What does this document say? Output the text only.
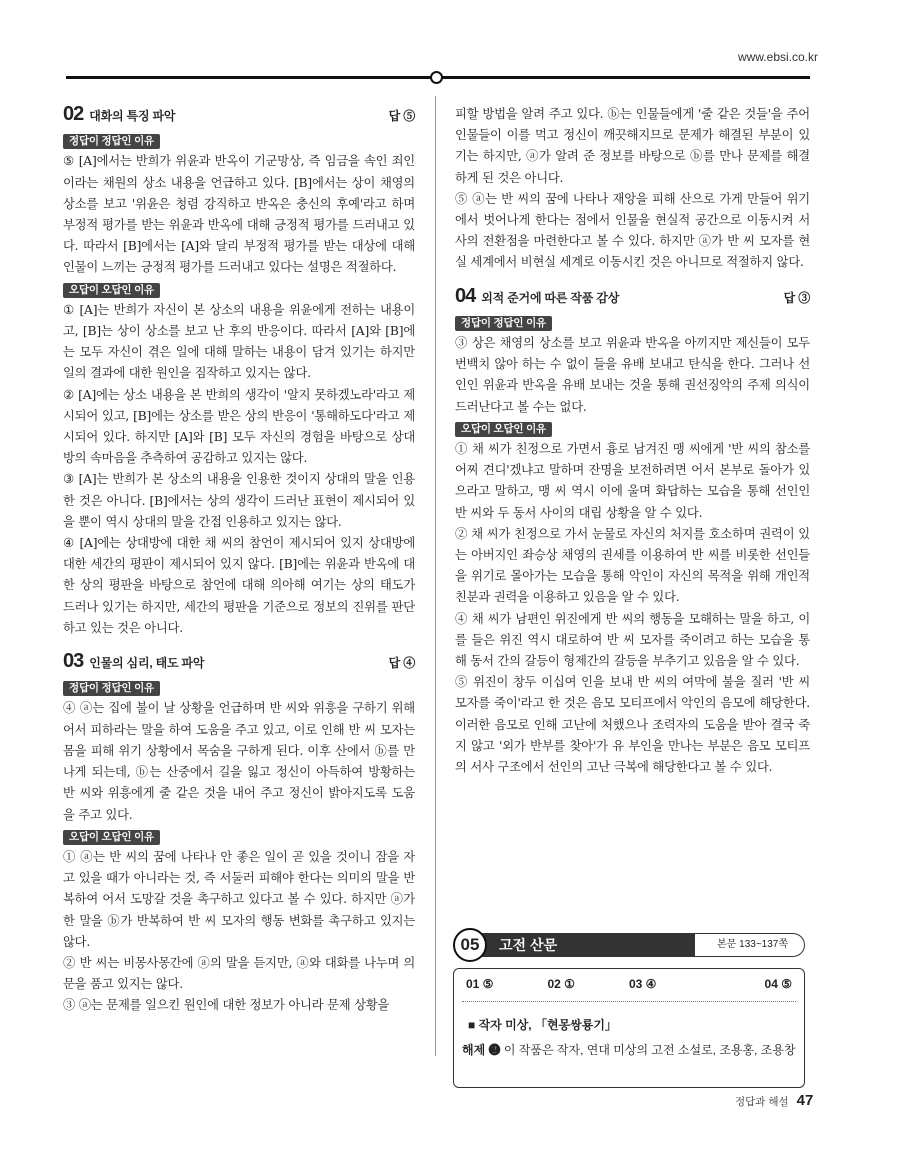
www.ebsi.co.kr
02 대화의 특징 파악	답 ⑤
정답이 정답인 이유

⑤ [A]에서는 반희가 위윤과 반옥이 기군망상, 즉 임금을 속인 죄인이라는 채원의 상소 내용을 언급하고 있다. [B]에서는 상이 채영의 상소를 보고 '위윤은 청렴 강직하고 반옥은 충신의 후예'라고 하며 부정적 평가를 받는 위윤과 반옥에 대해 긍정적 평가를 드러내고 있다. 따라서 [B]에서는 [A]와 달리 부정적 평가를 받는 대상에 대해 인물이 느끼는 긍정적 평가를 드러내고 있다는 설명은 적절하다.

오답이 오답인 이유

① [A]는 반희가 자신이 본 상소의 내용을 위윤에게 전하는 내용이고, [B]는 상이 상소를 보고 난 후의 반응이다. 따라서 [A]와 [B]에는 모두 자신이 겪은 일에 대해 말하는 내용이 담겨 있기는 하지만 일의 결과에 대한 원인을 짐작하고 있지는 않다.

② [A]에는 상소 내용을 본 반희의 생각이 '알지 못하겠노라'라고 제시되어 있고, [B]에는 상소를 받은 상의 반응이 '통해하도다'라고 제시되어 있다. 하지만 [A]와 [B] 모두 자신의 경험을 바탕으로 상대방의 속마음을 추측하여 공감하고 있지는 않다.

③ [A]는 반희가 본 상소의 내용을 인용한 것이지 상대의 말을 인용한 것은 아니다. [B]에서는 상의 생각이 드러난 표현이 제시되어 있을 뿐이 역시 상대의 말을 간접 인용하고 있지는 않다.

④ [A]에는 상대방에 대한 채 씨의 참언이 제시되어 있지 상대방에 대한 세간의 평판이 제시되어 있지 않다. [B]에는 위윤과 반옥에 대한 상의 평판을 바탕으로 참언에 대해 의아해 여기는 상의 태도가 드러나 있기는 하지만, 세간의 평판을 기준으로 정보의 진위를 판단하고 있는 것은 아니다.

03 인물의 심리, 태도 파악	답 ④
정답이 정답인 이유

④ ⓐ는 집에 불이 날 상황을 언급하며 반 씨와 위흥을 구하기 위해 어서 피하라는 말을 하여 도움을 주고 있고, 이로 인해 반 씨 모자는 몸을 피해 위기 상황에서 목숨을 구하게 된다. 이후 산에서 ⓑ를 만나게 되는데, ⓑ는 산중에서 길을 잃고 정신이 아득하여 방황하는 반 씨와 위흥에게 줄 같은 것을 내어 주고 정신이 밝아지도록 도움을 주고 있다.

오답이 오답인 이유

① ⓐ는 반 씨의 꿈에 나타나 안 좋은 일이 곧 있을 것이니 잠을 자고 있을 때가 아니라는 것, 즉 서둘러 피해야 한다는 의미의 말을 반복하여 어서 도망갈 것을 촉구하고 있다고 볼 수 있다. 하지만 ⓐ가 한 말을 ⓑ가 반복하여 반 씨 모자의 행동 변화를 촉구하고 있지는 않다.

② 반 씨는 비몽사몽간에 ⓐ의 말을 듣지만, ⓐ와 대화를 나누며 의문을 품고 있지는 않다.

③ ⓐ는 문제를 일으킨 원인에 대한 정보가 아니라 문제 상황을

피할 방법을 알려 주고 있다. ⓑ는 인물들에게 '줄 같은 것들'을 주어 인물들이 이를 먹고 정신이 깨끗해지므로 문제가 해결된 부분이 있기는 하지만, ⓐ가 알려 준 정보를 바탕으로 ⓑ를 만나 문제를 해결하게 된 것은 아니다.

⑤ ⓐ는 반 씨의 꿈에 나타나 재앙을 피해 산으로 가게 만들어 위기에서 벗어나게 한다는 점에서 인물을 현실적 공간으로 이동시켜 서사의 전환점을 마련한다고 볼 수 있다. 하지만 ⓐ가 반 씨 모자를 현실 세계에서 비현실 세계로 이동시킨 것은 아니므로 적절하지 않다.

04 외적 준거에 따른 작품 감상	답 ③
정답이 정답인 이유

③ 상은 채영의 상소를 보고 위윤과 반옥을 아끼지만 제신들이 모두 번백치 않아 하는 수 없이 들을 유배 보내고 탄식을 한다. 그러나 선인인 위윤과 반옥을 유배 보내는 것을 통해 권선징악의 주제 의식이 드러난다고 볼 수는 없다.

오답이 오답인 이유

① 채 씨가 친정으로 가면서 흉로 남겨진 맹 씨에게 '반 씨의 참소를 어찌 견디'겠냐고 말하며 잔명을 보전하려면 어서 본부로 돌아가 있으라고 말하고, 맹 씨 역시 이에 울며 화답하는 모습을 통해 선인인 반 씨와 두 동서 사이의 대립 상황을 알 수 있다.

② 채 씨가 친정으로 가서 눈물로 자신의 처지를 호소하며 권력이 있는 아버지인 좌승상 채영의 권세를 이용하여 반 씨를 비롯한 선인들을 위기로 몰아가는 모습을 통해 악인이 자신의 목적을 위해 개인적 친분과 권력을 이용하고 있음을 알 수 있다.

④ 채 씨가 남편인 위진에게 반 씨의 행동을 모해하는 말을 하고, 이를 들은 위진 역시 대로하여 반 씨 모자를 죽이려고 하는 모습을 통해 동서 간의 갈등이 형제간의 갈등을 부추기고 있음을 알 수 있다.

⑤ 위진이 창두 이십여 인을 보내 반 씨의 여막에 불을 질러 '반 씨 모자를 죽이'라고 한 것은 음모 모티프에서 악인의 음모에 해당한다. 이러한 음모로 인해 고난에 처했으나 조력자의 도움을 받아 결국 죽지 않고 '외가 반부를 찾아'가 유 부인을 만나는 부분은 음모 모티프의 서사 구조에서 선인의 고난 극복에 해당한다고 볼 수 있다.

05	고전 산문	본문 133~137쪽
01 ⑤	02 ①	03 ④	04 ⑤
■ 작자 미상, 「현몽쌍룡기」
해제 ➋ 이 작품은 작자, 연대 미상의 고전 소설로, 조용홍, 조용창
정답과 해설 47
